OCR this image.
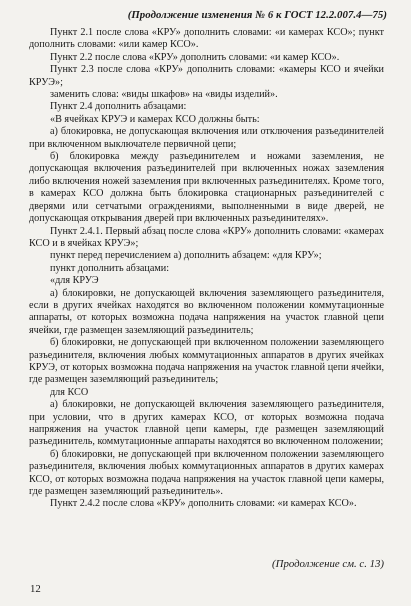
(Продолжение изменения № 6 к ГОСТ 12.2.007.4—75)

Пункт 2.1 после слова «КРУ» дополнить словами: «и камерах КСО»; пункт дополнить словами: «или камер КСО».

Пункт 2.2 после слова «КРУ» дополнить словами: «и камер КСО».

Пункт 2.3 после слова «КРУ» дополнить словами: «камеры КСО и ячейки КРУЭ»;

заменить слова: «виды шкафов» на «виды изделий».

Пункт 2.4 дополнить абзацами:

«В ячейках КРУЭ и камерах КСО должны быть:

а) блокировка, не допускающая включения или отключения разъединителей при включенном выключателе первичной цепи;

б) блокировка между разъединителем и ножами заземления, не допускающая включения разъединителей при включенных ножах заземления либо включения ножей заземления при включенных разъединителях. Кроме того, в камерах КСО должна быть блокировка стационарных разъединителей с дверями или сетчатыми ограждениями, выполненными в виде дверей, не допускающая открывания дверей при включенных разъединителях».

Пункт 2.4.1. Первый абзац после слова «КРУ» дополнить словами: «камерах КСО и в ячейках КРУЭ»;

пункт перед перечислением а) дополнить абзацем: «для КРУ»;

пункт дополнить абзацами:

«для КРУЭ

а) блокировки, не допускающей включения заземляющего разъединителя, если в других ячейках находятся во включенном положении коммутационные аппараты, от которых возможна подача напряжения на участок главной цепи ячейки, где размещен заземляющий разъединитель;

б) блокировки, не допускающей при включенном положении заземляющего разъединителя, включения любых коммутационных аппаратов в других ячейках КРУЭ, от которых возможна подача напряжения на участок главной цепи ячейки, где размещен заземляющий разъединитель;

для КСО

а) блокировки, не допускающей включения заземляющего разъединителя, при условии, что в других камерах КСО, от которых возможна подача напряжения на участок главной цепи камеры, где размещен заземляющий разъединитель, коммутационные аппараты находятся во включенном положении;

б) блокировки, не допускающей при включенном положении заземляющего разъединителя, включения любых коммутационных аппаратов в других камерах КСО, от которых возможна подача напряжения на участок главной цепи камеры, где размещен заземляющий разъединитель».

Пункт 2.4.2 после слова «КРУ» дополнить словами: «и камерах КСО».

(Продолжение см. с. 13)
12
